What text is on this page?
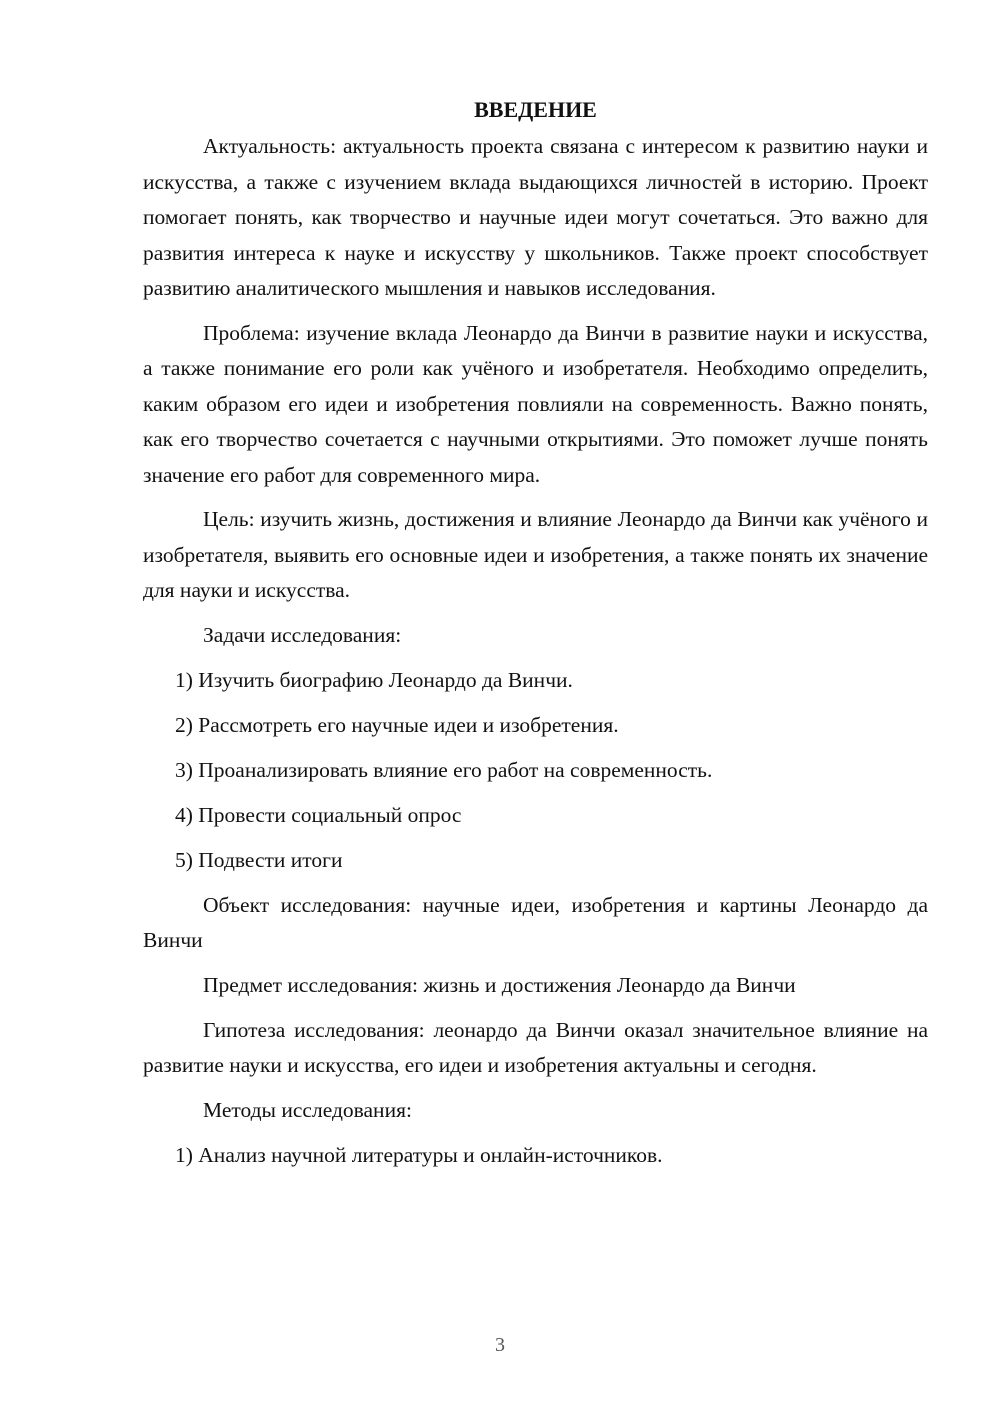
ВВЕДЕНИЕ

Актуальность: актуальность проекта связана с интересом к развитию науки и искусства, а также с изучением вклада выдающихся личностей в историю. Проект помогает понять, как творчество и научные идеи могут сочетаться. Это важно для развития интереса к науке и искусству у школьников. Также проект способствует развитию аналитического мышления и навыков исследования.

Проблема: изучение вклада Леонардо да Винчи в развитие науки и искусства, а также понимание его роли как учёного и изобретателя. Необходимо определить, каким образом его идеи и изобретения повлияли на современность. Важно понять, как его творчество сочетается с научными открытиями. Это поможет лучше понять значение его работ для современного мира.

Цель: изучить жизнь, достижения и влияние Леонардо да Винчи как учёного и изобретателя, выявить его основные идеи и изобретения, а также понять их значение для науки и искусства.

Задачи исследования:

1) Изучить биографию Леонардо да Винчи.

2) Рассмотреть его научные идеи и изобретения.

3) Проанализировать влияние его работ на современность.

4) Провести социальный опрос

5) Подвести итоги

Объект исследования: научные идеи, изобретения и картины Леонардо да Винчи

Предмет исследования: жизнь и достижения Леонардо да Винчи

Гипотеза исследования: леонардо да Винчи оказал значительное влияние на развитие науки и искусства, его идеи и изобретения актуальны и сегодня.

Методы исследования:

1) Анализ научной литературы и онлайн-источников.

3
